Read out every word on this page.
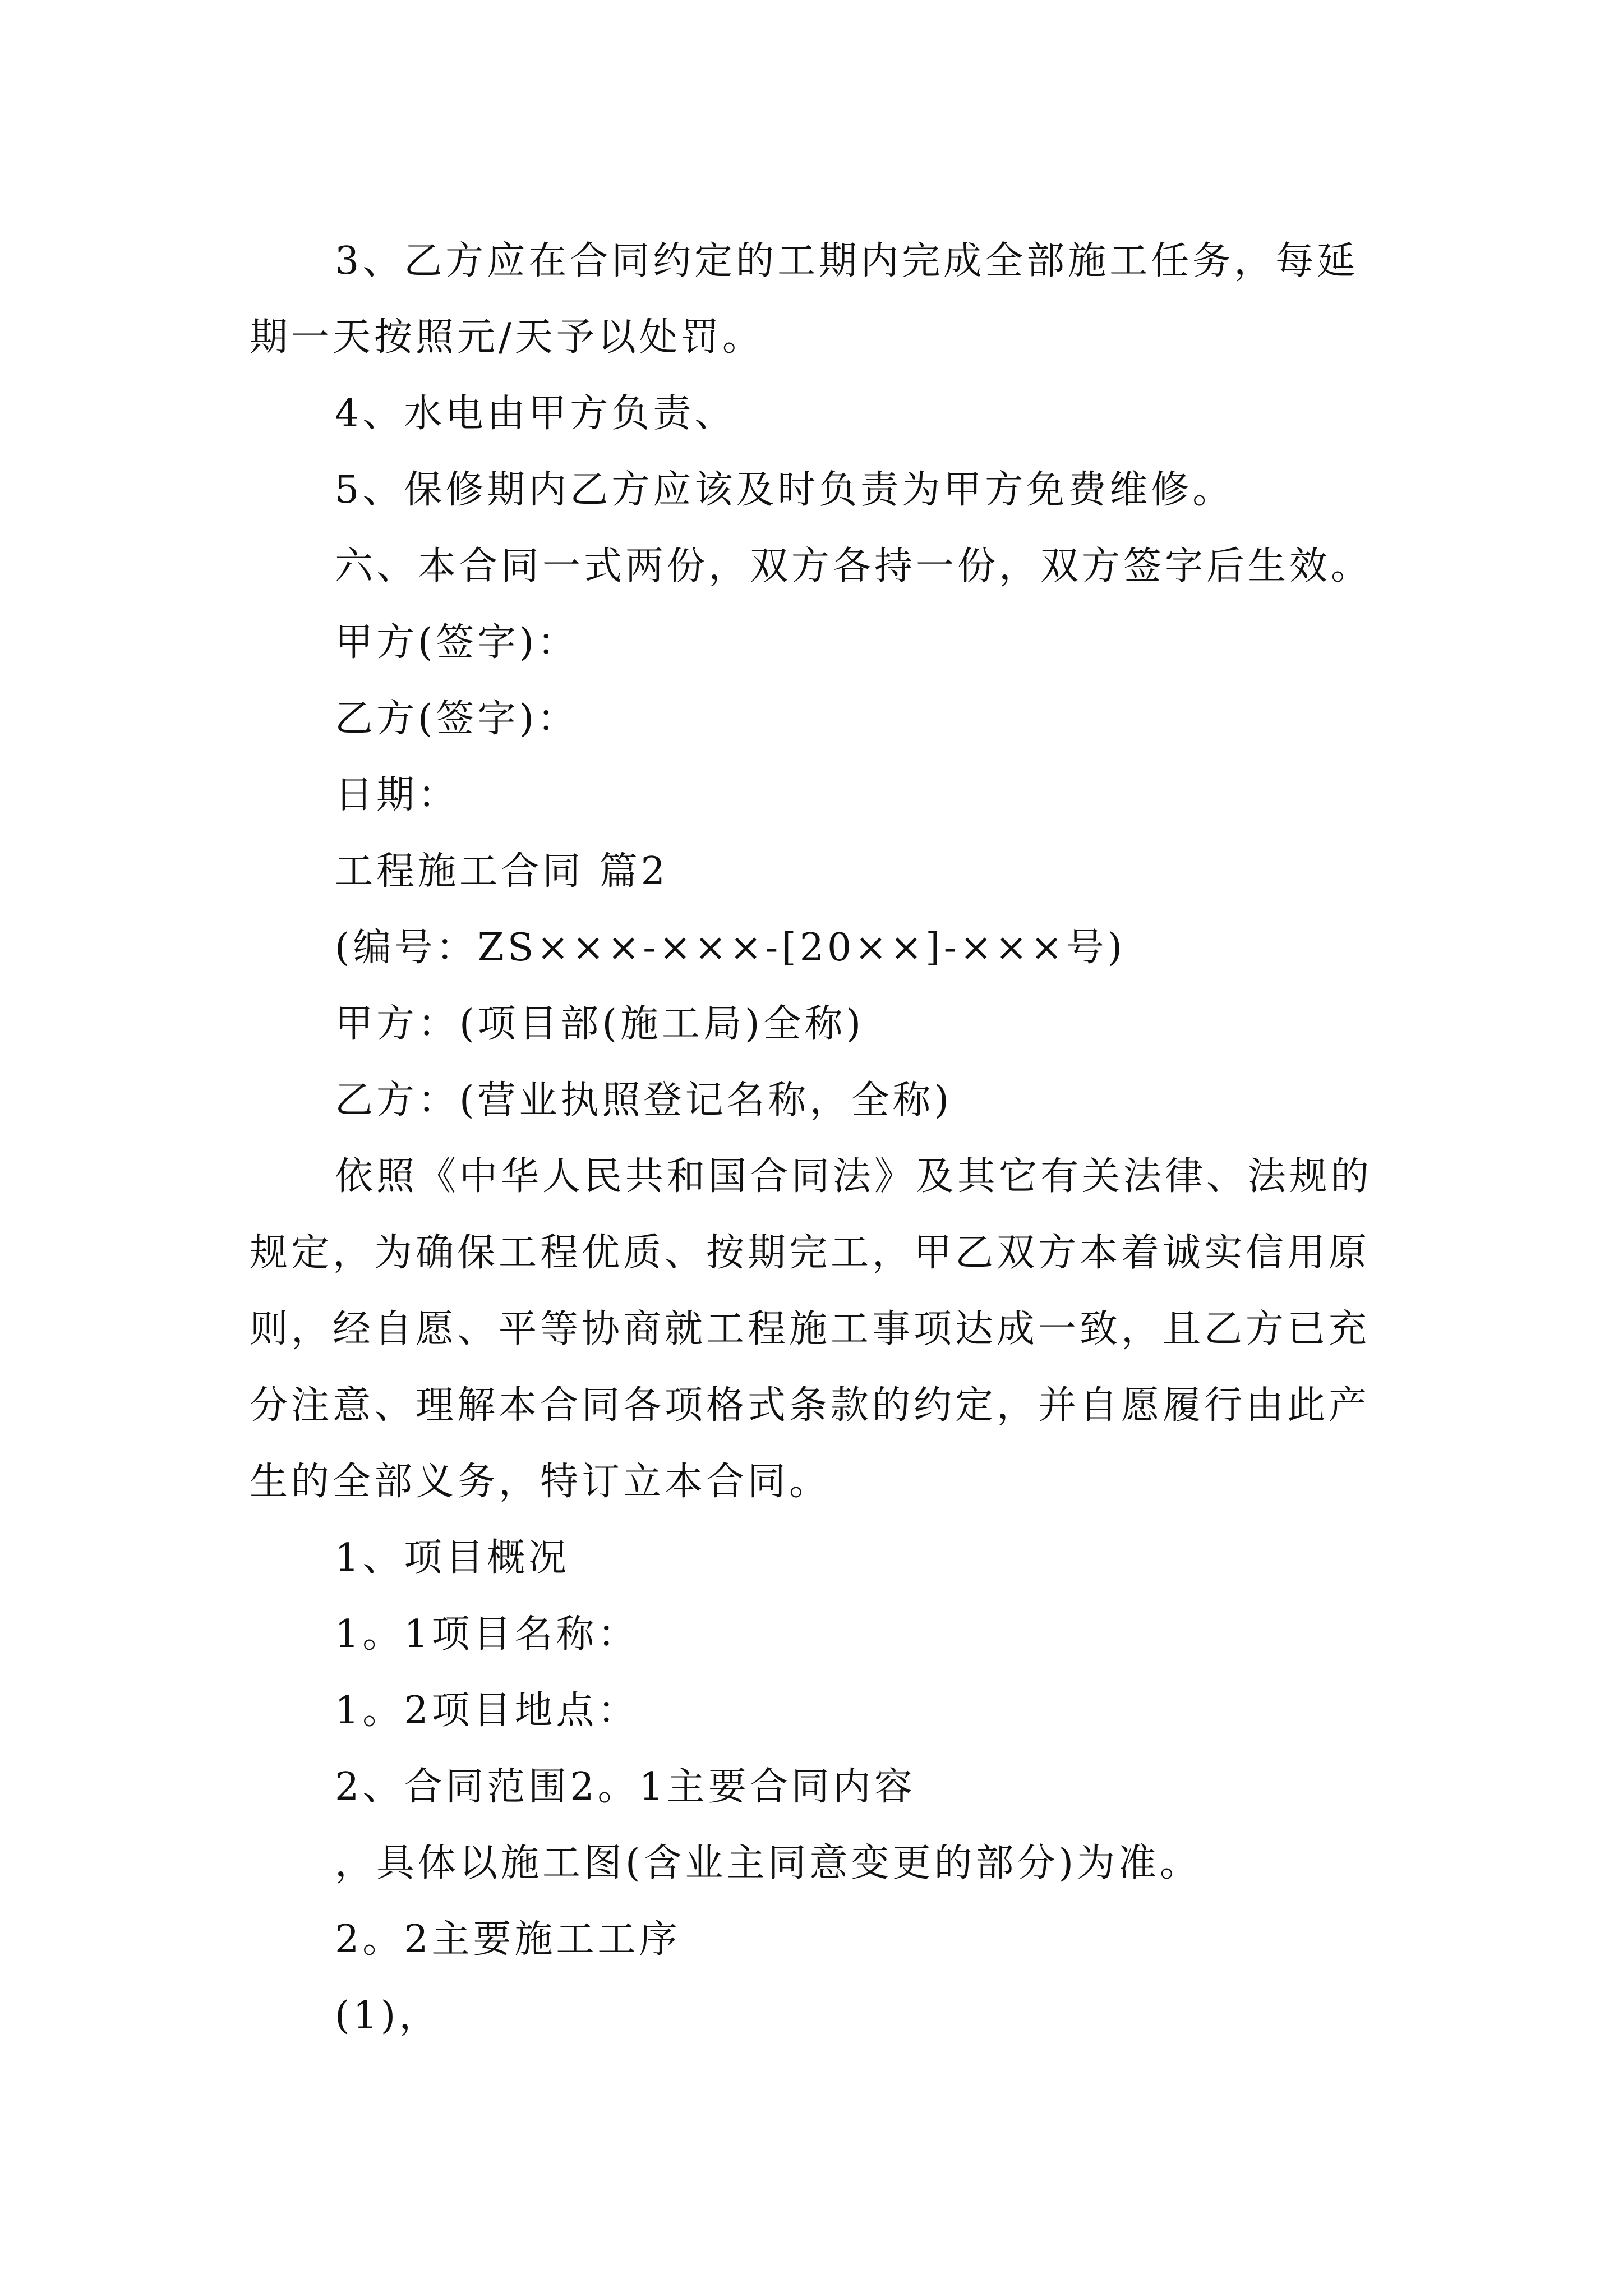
3、乙方应在合同约定的工期内完成全部施工任务，每延期一天按照元/天予以处罚。

4、水电由甲方负责、

5、保修期内乙方应该及时负责为甲方免费维修。

六、本合同一式两份，双方各持一份，双方签字后生效。

甲方(签字)：

乙方(签字)：

日期：

工程施工合同 篇2

(编号：ZS×××-×××-[20××]-×××号)

甲方：(项目部(施工局)全称)

乙方：(营业执照登记名称，全称)

依照《中华人民共和国合同法》及其它有关法律、法规的规定，为确保工程优质、按期完工，甲乙双方本着诚实信用原则，经自愿、平等协商就工程施工事项达成一致，且乙方已充分注意、理解本合同各项格式条款的约定，并自愿履行由此产生的全部义务，特订立本合同。

1、项目概况

1。1项目名称：

1。2项目地点：

2、合同范围2。1主要合同内容

，具体以施工图(含业主同意变更的部分)为准。

2。2主要施工工序

(1)，
